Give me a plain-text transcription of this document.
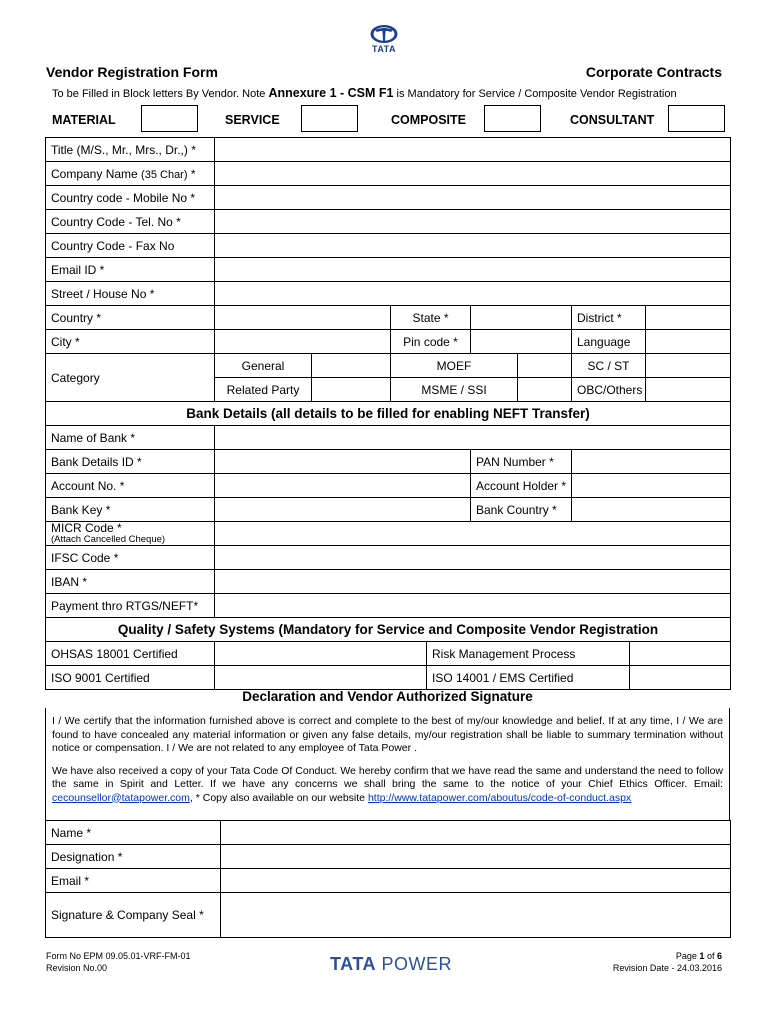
TATA
Vendor Registration Form	Corporate Contracts
To be Filled in Block letters By Vendor. Note Annexure 1 - CSM F1 is Mandatory for Service / Composite Vendor Registration
MATERIAL	SERVICE	COMPOSITE	CONSULTANT
Title (M/S., Mr., Mrs., Dr.,) *									
Company Name (35 Char) *									
Country code - Mobile No *									
Country Code - Tel. No *									
Country Code - Fax No									
Email ID *									
Street / House No *									
Country *			State *				District *		
City *			Pin code *				Language		
Category	General		MOEF				SC / ST		
	Related Party		MSME / SSI				OBC/Others		
Bank Details (all details to be filled for enabling NEFT Transfer)									
Name of Bank *									
Bank Details ID *					PAN Number *				
Account No. *					Account Holder *				
Bank Key *					Bank Country *				
MICR Code *
(Attach Cancelled Cheque)									

IFSC Code *									
IBAN *									
Payment thro RTGS/NEFT*									
Quality / Safety Systems (Mandatory for Service and Composite Vendor Registration									
OHSAS 18001 Certified				Risk Management Process					
ISO 9001 Certified				ISO 14001 / EMS Certified					
Declaration and Vendor Authorized Signature

I / We certify that the information furnished above is correct and complete to the best of my/our knowledge and belief. If at any time, I / We are found to have concealed any material information or given any false details, my/our registration shall be liable to summary termination without notice or compensation. I / We are not related to any employee of Tata Power .

We have also received a copy of your Tata Code Of Conduct. We hereby confirm that we have read the same and understand the need to follow the same in Spirit and Letter. If we have any concerns we shall bring the same to the notice of your Chief Ethics Officer. Email: cecounsellor@tatapower.com, * Copy also available on our website http://www.tatapower.com/aboutus/code-of-conduct.aspx

Name *	
Designation *	
Email *	
Signature & Company Seal *	
Form No EPM 09.05.01-VRF-FM-01
Revision No.00	TATA POWER	Page 1 of 6
Revision Date - 24.03.2016
